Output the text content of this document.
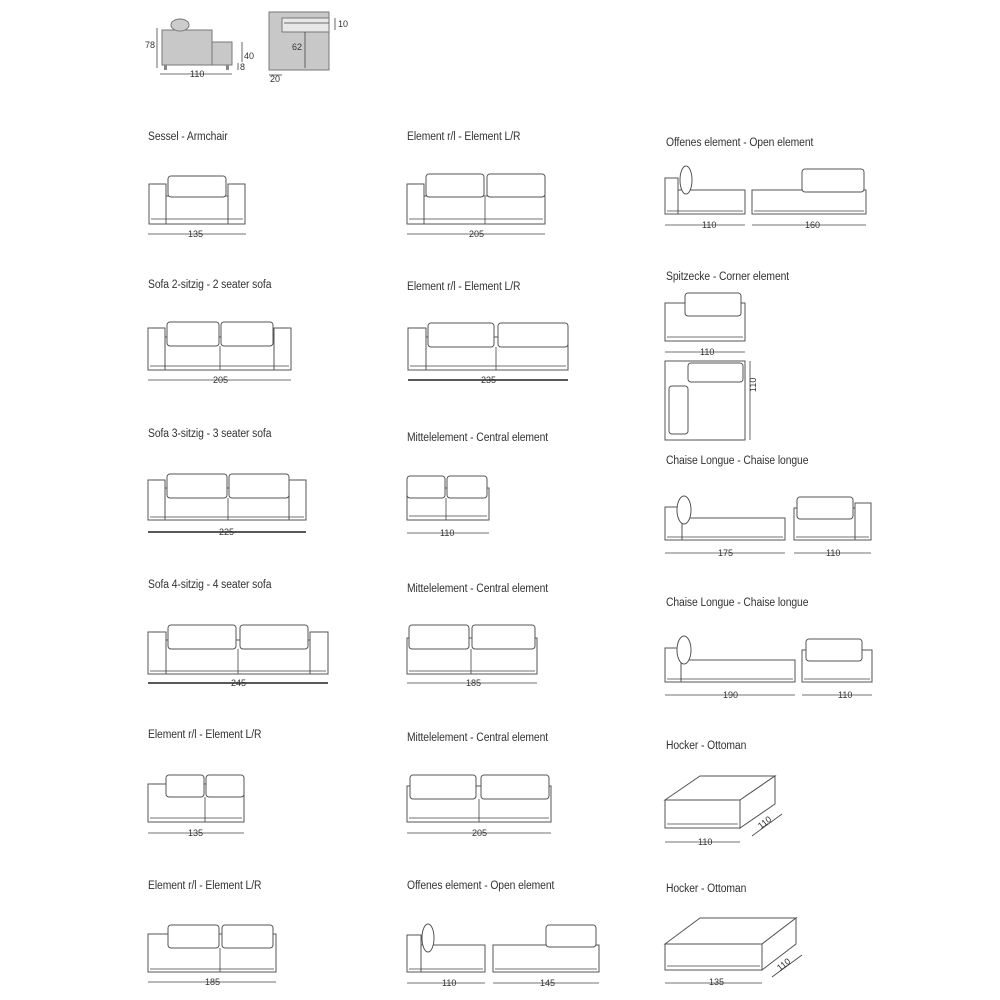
78
110
40
8
10
62
20
Sessel - Armchair
135
Sofa 2-sitzig - 2 seater sofa
205
Sofa 3-sitzig - 3 seater sofa
225
Sofa 4-sitzig - 4 seater sofa
245
Element r/l - Element L/R
135
Element r/l - Element L/R
185
Element r/l - Element L/R
205
Element r/l - Element L/R
235
Mittelelement - Central element
110
Mittelelement - Central element
185
Mittelelement - Central element
205
Offenes element - Open element
110	145
Offenes element - Open element
110	160
Spitzecke - Corner element
110
110
Chaise Longue - Chaise longue
175	110
Chaise Longue - Chaise longue
190	110
Hocker - Ottoman
110
110
Hocker - Ottoman
135
110
